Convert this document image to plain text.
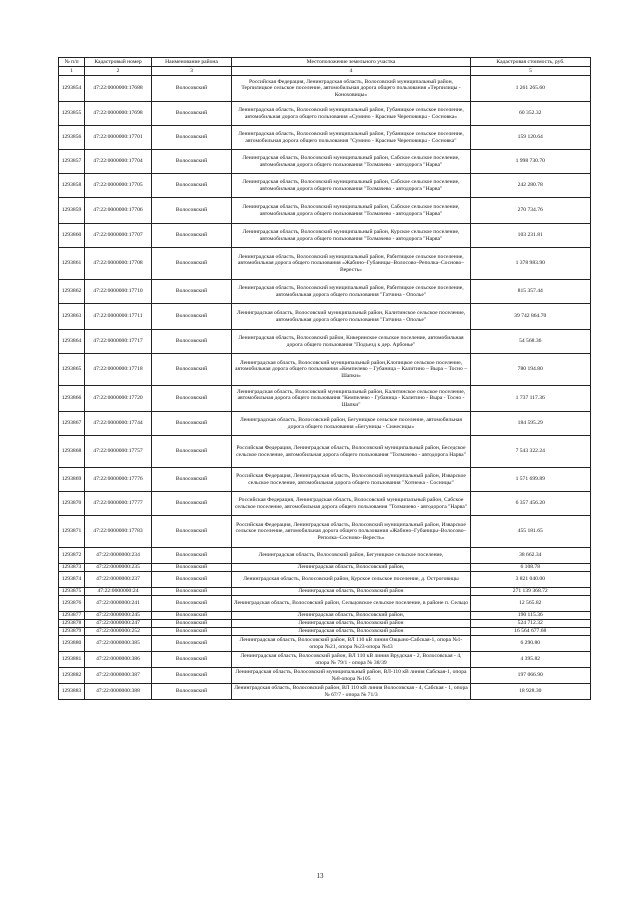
№ п/п	Кадастровый номер	Наименование района	Местоположение земельного участка	Кадастровая стоимость, руб.
1	2	3	4	5
1293854	47:22:0000000:17688	Волосовский	Российская Федерация, Ленинградская область, Волосовский муниципальный район, Терпилицкое сельское поселение, автомобильная дорога общего пользования «Терпилицы - Коноховицы»	1 261 265.60
1293855	47:22:0000000:17698	Волосовский	Ленинградская область, Волосовский муниципальный район, Губаницкое сельское поселение, автомобильная дорога общего пользования «Сумино - Красные Череповицы - Сосновка»	60 352.32
1293856	47:22:0000000:17701	Волосовский	Ленинградская область, Волосовский муниципальный район, Губаницкое сельское поселение, автомобильная дорога общего пользования "Сумино - Красные Череповицы - Сосновка"	159 120.64
1293857	47:22:0000000:17704	Волосовский	Ленинградская область, Волосовский муниципальный район, Сабское сельское поселение, автомобильная дорога общего пользования "Толмачево - автодорога "Нарва"	1 998 730.70
1293858	47:22:0000000:17705	Волосовский	Ленинградская область, Волосовский муниципальный район, Сабское сельское поселение, автомобильная дорога общего пользования "Толмачево - автодорога "Нарва"	242 280.78
1293859	47:22:0000000:17706	Волосовский	Ленинградская область, Волосовский муниципальный район, Сабское сельское поселение, автомобильная дорога общего пользования "Толмачево - автодорога "Нарва"	270 734.76
1293860	47:22:0000000:17707	Волосовский	Ленинградская область, Волосовский муниципальный район, Курское сельское поселение, автомобильная дорога общего пользования "Толмачево - автодорога "Нарва"	103 231.81
1293861	47:22:0000000:17708	Волосовский	Ленинградская область, Волосовский муниципальный район, Рабитицкое сельское поселение, автомобильная дорога общего пользования «Жабино–Губаницы–Волосово–Реполка–Сосново–Ве̣ресть»	1 378 983.90
1293862	47:22:0000000:17710	Волосовский	Ленинградская область, Волосовский муниципальный район, Рабитицкое сельское поселение, автомобильная дорога общего пользования "Гатчина - Ополье"	815 357.44
1293863	47:22:0000000:17711	Волосовский	Ленинградская область, Волосовский муниципальный район, Калитинское сельское поселение, автомобильная дорога общего пользования "Гатчина - Ополье"	39 742 864.70
1293864	47:22:0000000:17717	Волосовский	Ленинградская область, Волосовский район, Кикеринское сельское поселение, автомобильная дорога общего пользования "Подъезд к дер. Арбонье"	54 568.36
1293865	47:22:0000000:17718	Волосовский	Ленинградская область, Волосовский муниципальный район,Клопицкое сельское поселение, автомобильная дорога общего пользования «Кемпелево – Губаница – Калитино – Выра – Тосно – Шапки»	780 194.80
1293866	47:22:0000000:17720	Волосовский	Ленинградская область, Волосовский муниципальный район, Калитинское сельское поселение, автомобильная дорога общего пользования "Кемпелево - Губаница - Калитино - Выра - Тосно - Шапки"	1 737 117.36
1293867	47:22:0000000:17744	Волосовский	Ленинградская область, Волосовский район, Бегуницкое сельское поселение, автомобильная дорога общего пользования «Бегуницы - Сижесицы»	184 595.29
1293868	47:22:0000000:17757	Волосовский	Российская Федерация, Ленинградская область, Волосовский муниципальный район, Беседское сельское поселение, автомобильная дорога общего пользования "Толмачево - автодорога Нарва"	7 543 322.24
1293869	47:22:0000000:17776	Волосовский	Российская Федерация, Ленинградская область, Волосовский муниципальный район, Изварское сельское поселение, автомобильная дорога общего пользования "Хотнежа - Сосницы"	1 571 699.89
1293870	47:22:0000000:17777	Волосовский	Российская Федерация, Ленинградская область, Волосовский муниципальный район, Сабское сельское поселение, автомобильная дорога общего пользования "Толмачево - автодорога "Нарва"	6 357 456.20
1293871	47:22:0000000:17783	Волосовский	Российская Федерация, Ленинградская область, Волосовский муниципальный район, Изварское сельское поселение, автомобильная дорога общего пользования «Жабино–Губаницы–Волосово–Реполка–Сосново–Ве̣ресть»	455 181.65
1293872	47:22:0000000:234	Волосовский	Ленинградская область, Волосовский район, Бегуницкое сельское поселение,	38 662.34
1293873	47:22:0000000:235	Волосовский	Ленинградская область, Волосовский район,	6 108.78
1293874	47:22:0000000:237	Волосовский	Ленинградская область, Волосовский район, Курское сельское поселение, д. Остроговицы	3 821 040.00
1293875	47:22:0000000:24	Волосовский	Ленинградская область, Волосовский район	271 139 368.72
1293876	47:22:0000000:241	Волосовский	Ленинградская область, Волосовский район, Сельцовское сельское поселение, в районе п. Сельцо	12 565.82
1293877	47:22:0000000:245	Волосовский	Ленинградская область, Волосовский район,	190 115.36
1293878	47:22:0000000:247	Волосовский	Ленинградская область, Волосовский район	524 712.32
1293879	47:22:0000000:252	Волосовский	Ленинградская область, Волосовский район	16 564 677.68
1293880	47:22:0000000:385	Волосовский	Ленинградская область, Волосовский район, ВЛ 110 кВ линия Овцыно-Сабская-1, опора №1-опора №21, опора №23-опора №43	6 290.80
1293881	47:22:0000000:386	Волосовский	Ленинградская область, Волосовский район, ВЛ 110 кВ линия Врудская - 2, Волосовская - 4, опора № 79/1 - опора № 38/39	4 395.82
1293882	47:22:0000000:387	Волосовский	Ленинградская область, Волосовский муниципальный район, ВЛ-110 кВ линия Сабская-1, опора №8-опора №105	197 066.90
1293883	47:22:0000000:388	Волосовский	Ленинградская область, Волосовский район, ВЛ 110 кВ линия Волосовская - 4, Сабская - 1, опора № 67/7 - опора № 71/3	18 928.30
13
